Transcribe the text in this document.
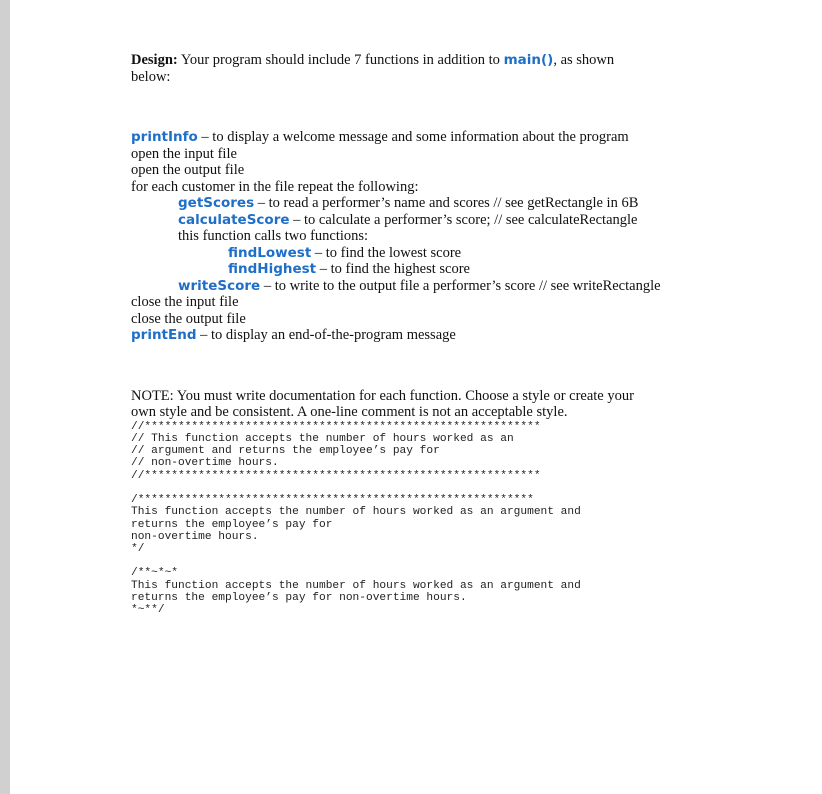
Design: Your program should include 7 functions in addition to main(), as shown
below:
printInfo – to display a welcome message and some information about the program
open the input file
open the output file
for each customer in the file repeat the following:
getScores – to read a performer’s name and scores // see getRectangle in 6B
calculateScore – to calculate a performer’s score; // see calculateRectangle
this function calls two functions:
findLowest – to find the lowest score
findHighest – to find the highest score
writeScore – to write to the output file a performer’s score // see writeRectangle
close the input file
close the output file
printEnd – to display an end-of-the-program message
NOTE: You must write documentation for each function. Choose a style or create your
own style and be consistent. A one-line comment is not an acceptable style.
//***********************************************************
// This function accepts the number of hours worked as an
// argument and returns the employee’s pay for
// non-overtime hours.
//***********************************************************
/***********************************************************
This function accepts the number of hours worked as an argument and
returns the employee’s pay for
non-overtime hours.
*/
/**~*~*
This function accepts the number of hours worked as an argument and
returns the employee’s pay for non-overtime hours.
*~**/
